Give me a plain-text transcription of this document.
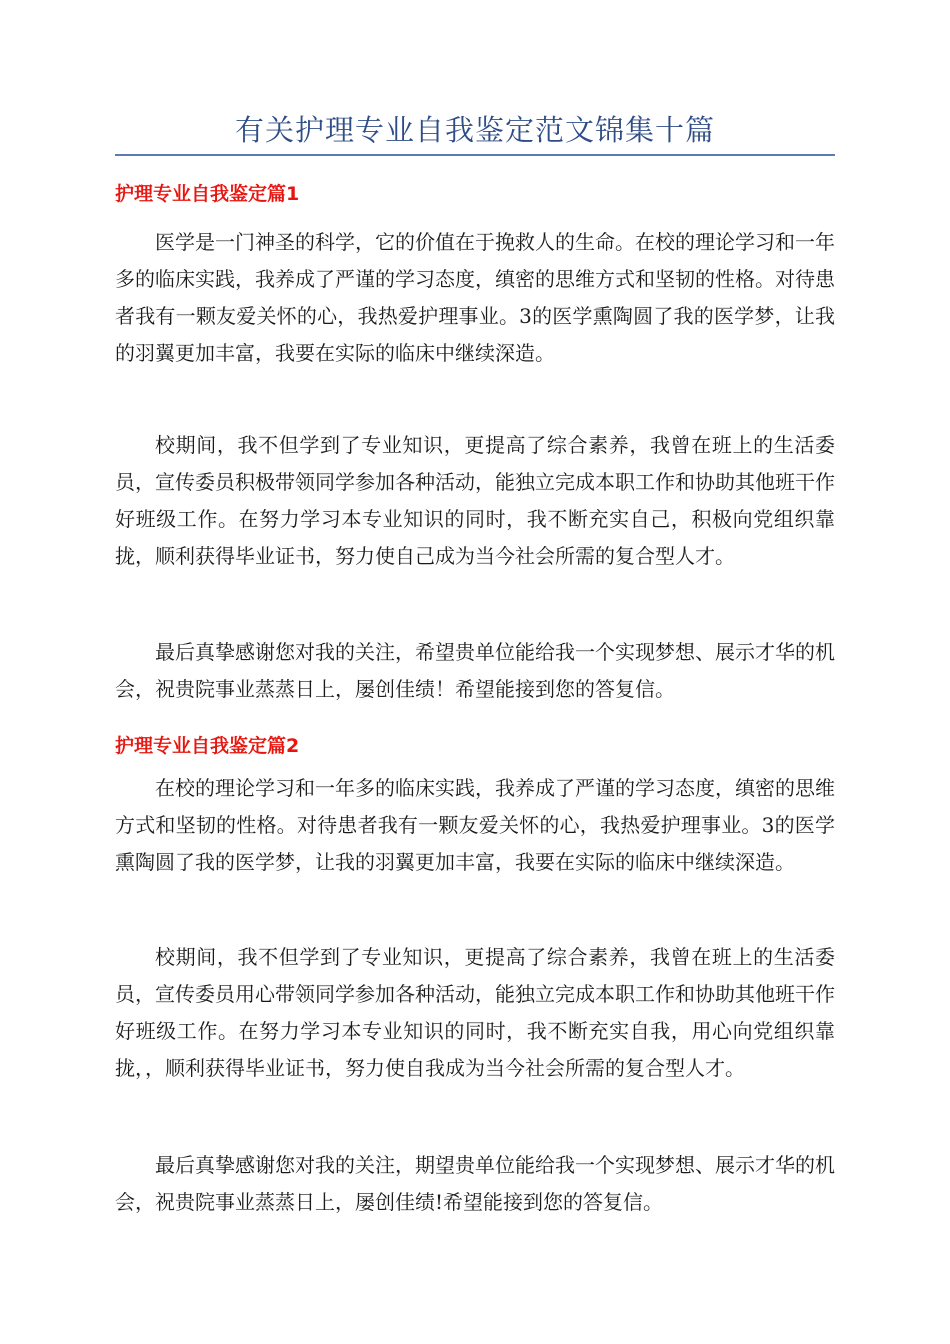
有关护理专业自我鉴定范文锦集十篇
护理专业自我鉴定篇1

医学是一门神圣的科学，它的价值在于挽救人的生命。在校的理论学习和一年多的临床实践，我养成了严谨的学习态度，缜密的思维方式和坚韧的性格。对待患者我有一颗友爱关怀的心，我热爱护理事业。3的医学熏陶圆了我的医学梦，让我的羽翼更加丰富，我要在实际的临床中继续深造。

校期间，我不但学到了专业知识，更提高了综合素养，我曾在班上的生活委员，宣传委员积极带领同学参加各种活动，能独立完成本职工作和协助其他班干作好班级工作。在努力学习本专业知识的同时，我不断充实自己，积极向党组织靠拢，顺利获得毕业证书，努力使自己成为当今社会所需的复合型人才。

最后真挚感谢您对我的关注，希望贵单位能给我一个实现梦想、展示才华的机会，祝贵院事业蒸蒸日上，屡创佳绩！希望能接到您的答复信。

护理专业自我鉴定篇2

在校的理论学习和一年多的临床实践，我养成了严谨的学习态度，缜密的思维方式和坚韧的性格。对待患者我有一颗友爱关怀的心，我热爱护理事业。3的医学熏陶圆了我的医学梦，让我的羽翼更加丰富，我要在实际的临床中继续深造。

校期间，我不但学到了专业知识，更提高了综合素养，我曾在班上的生活委员，宣传委员用心带领同学参加各种活动，能独立完成本职工作和协助其他班干作好班级工作。在努力学习本专业知识的同时，我不断充实自我，用心向党组织靠拢，，顺利获得毕业证书，努力使自我成为当今社会所需的复合型人才。

最后真挚感谢您对我的关注，期望贵单位能给我一个实现梦想、展示才华的机会，祝贵院事业蒸蒸日上，屡创佳绩!希望能接到您的答复信。
